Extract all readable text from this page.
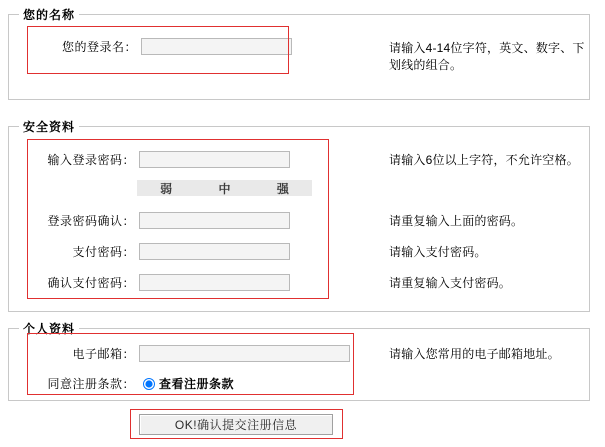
您的名称
您的登录名：	请输入4-14位字符，英文、数字、下划线的组合。
安全资料
输入登录密码：	请输入6位以上字符，不允许空格。
弱	中	强
登录密码确认：	请重复输入上面的密码。
支付密码：	请输入支付密码。
确认支付密码：	请重复输入支付密码。
个人资料
电子邮箱：	请输入您常用的电子邮箱地址。
同意注册条款： 查看注册条款
OK!确认提交注册信息
